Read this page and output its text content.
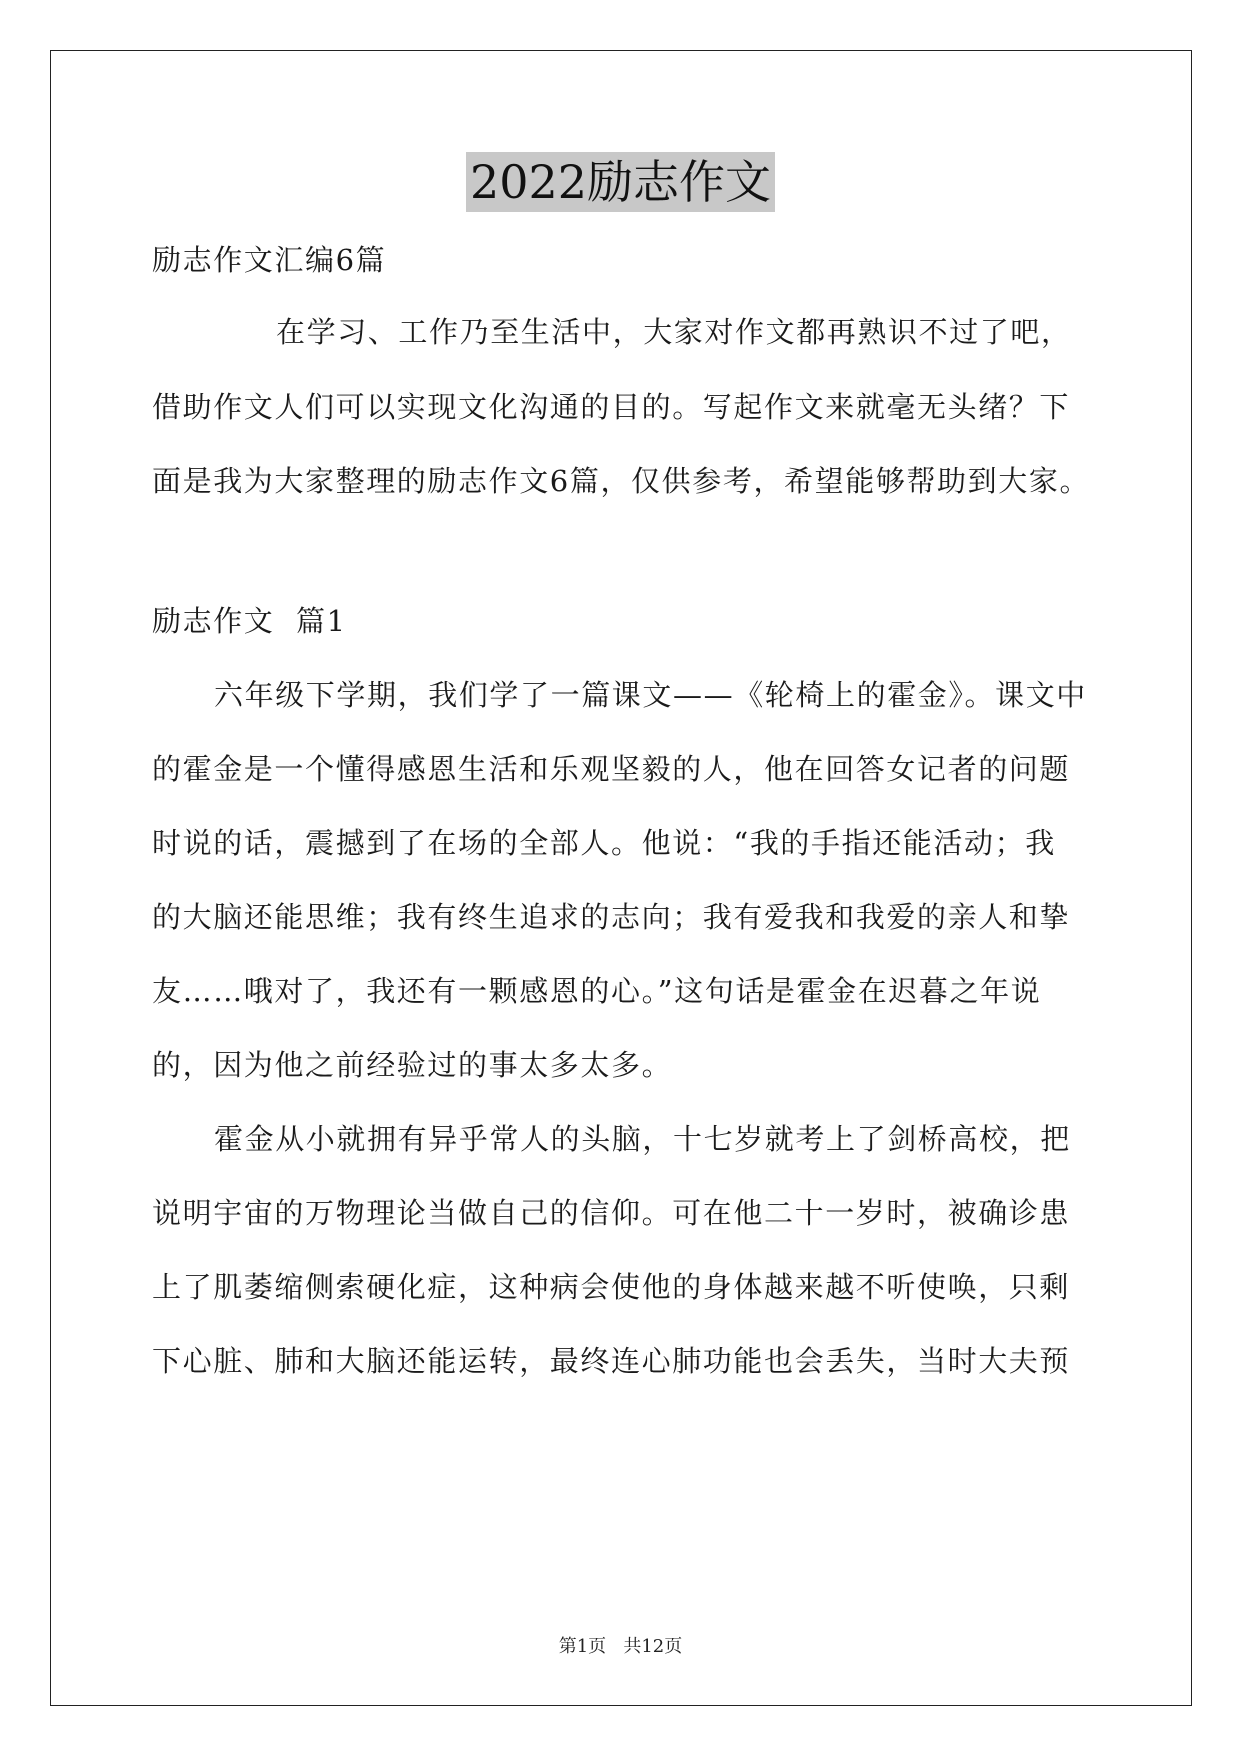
2022励志作文
励志作文汇编6篇
在学习、工作乃至生活中，大家对作文都再熟识不过了吧，
借助作文人们可以实现文化沟通的目的。写起作文来就毫无头绪？下
面是我为大家整理的励志作文6篇，仅供参考，希望能够帮助到大家。
励志作文  篇1
六年级下学期，我们学了一篇课文——《轮椅上的霍金》。课文中
的霍金是一个懂得感恩生活和乐观坚毅的人，他在回答女记者的问题
时说的话，震撼到了在场的全部人。他说：“我的手指还能活动；我
的大脑还能思维；我有终生追求的志向；我有爱我和我爱的亲人和挚
友……哦对了，我还有一颗感恩的心。”这句话是霍金在迟暮之年说
的，因为他之前经验过的事太多太多。
霍金从小就拥有异乎常人的头脑，十七岁就考上了剑桥高校，把
说明宇宙的万物理论当做自己的信仰。可在他二十一岁时，被确诊患
上了肌萎缩侧索硬化症，这种病会使他的身体越来越不听使唤，只剩
下心脏、肺和大脑还能运转，最终连心肺功能也会丢失，当时大夫预
第1页   共12页
